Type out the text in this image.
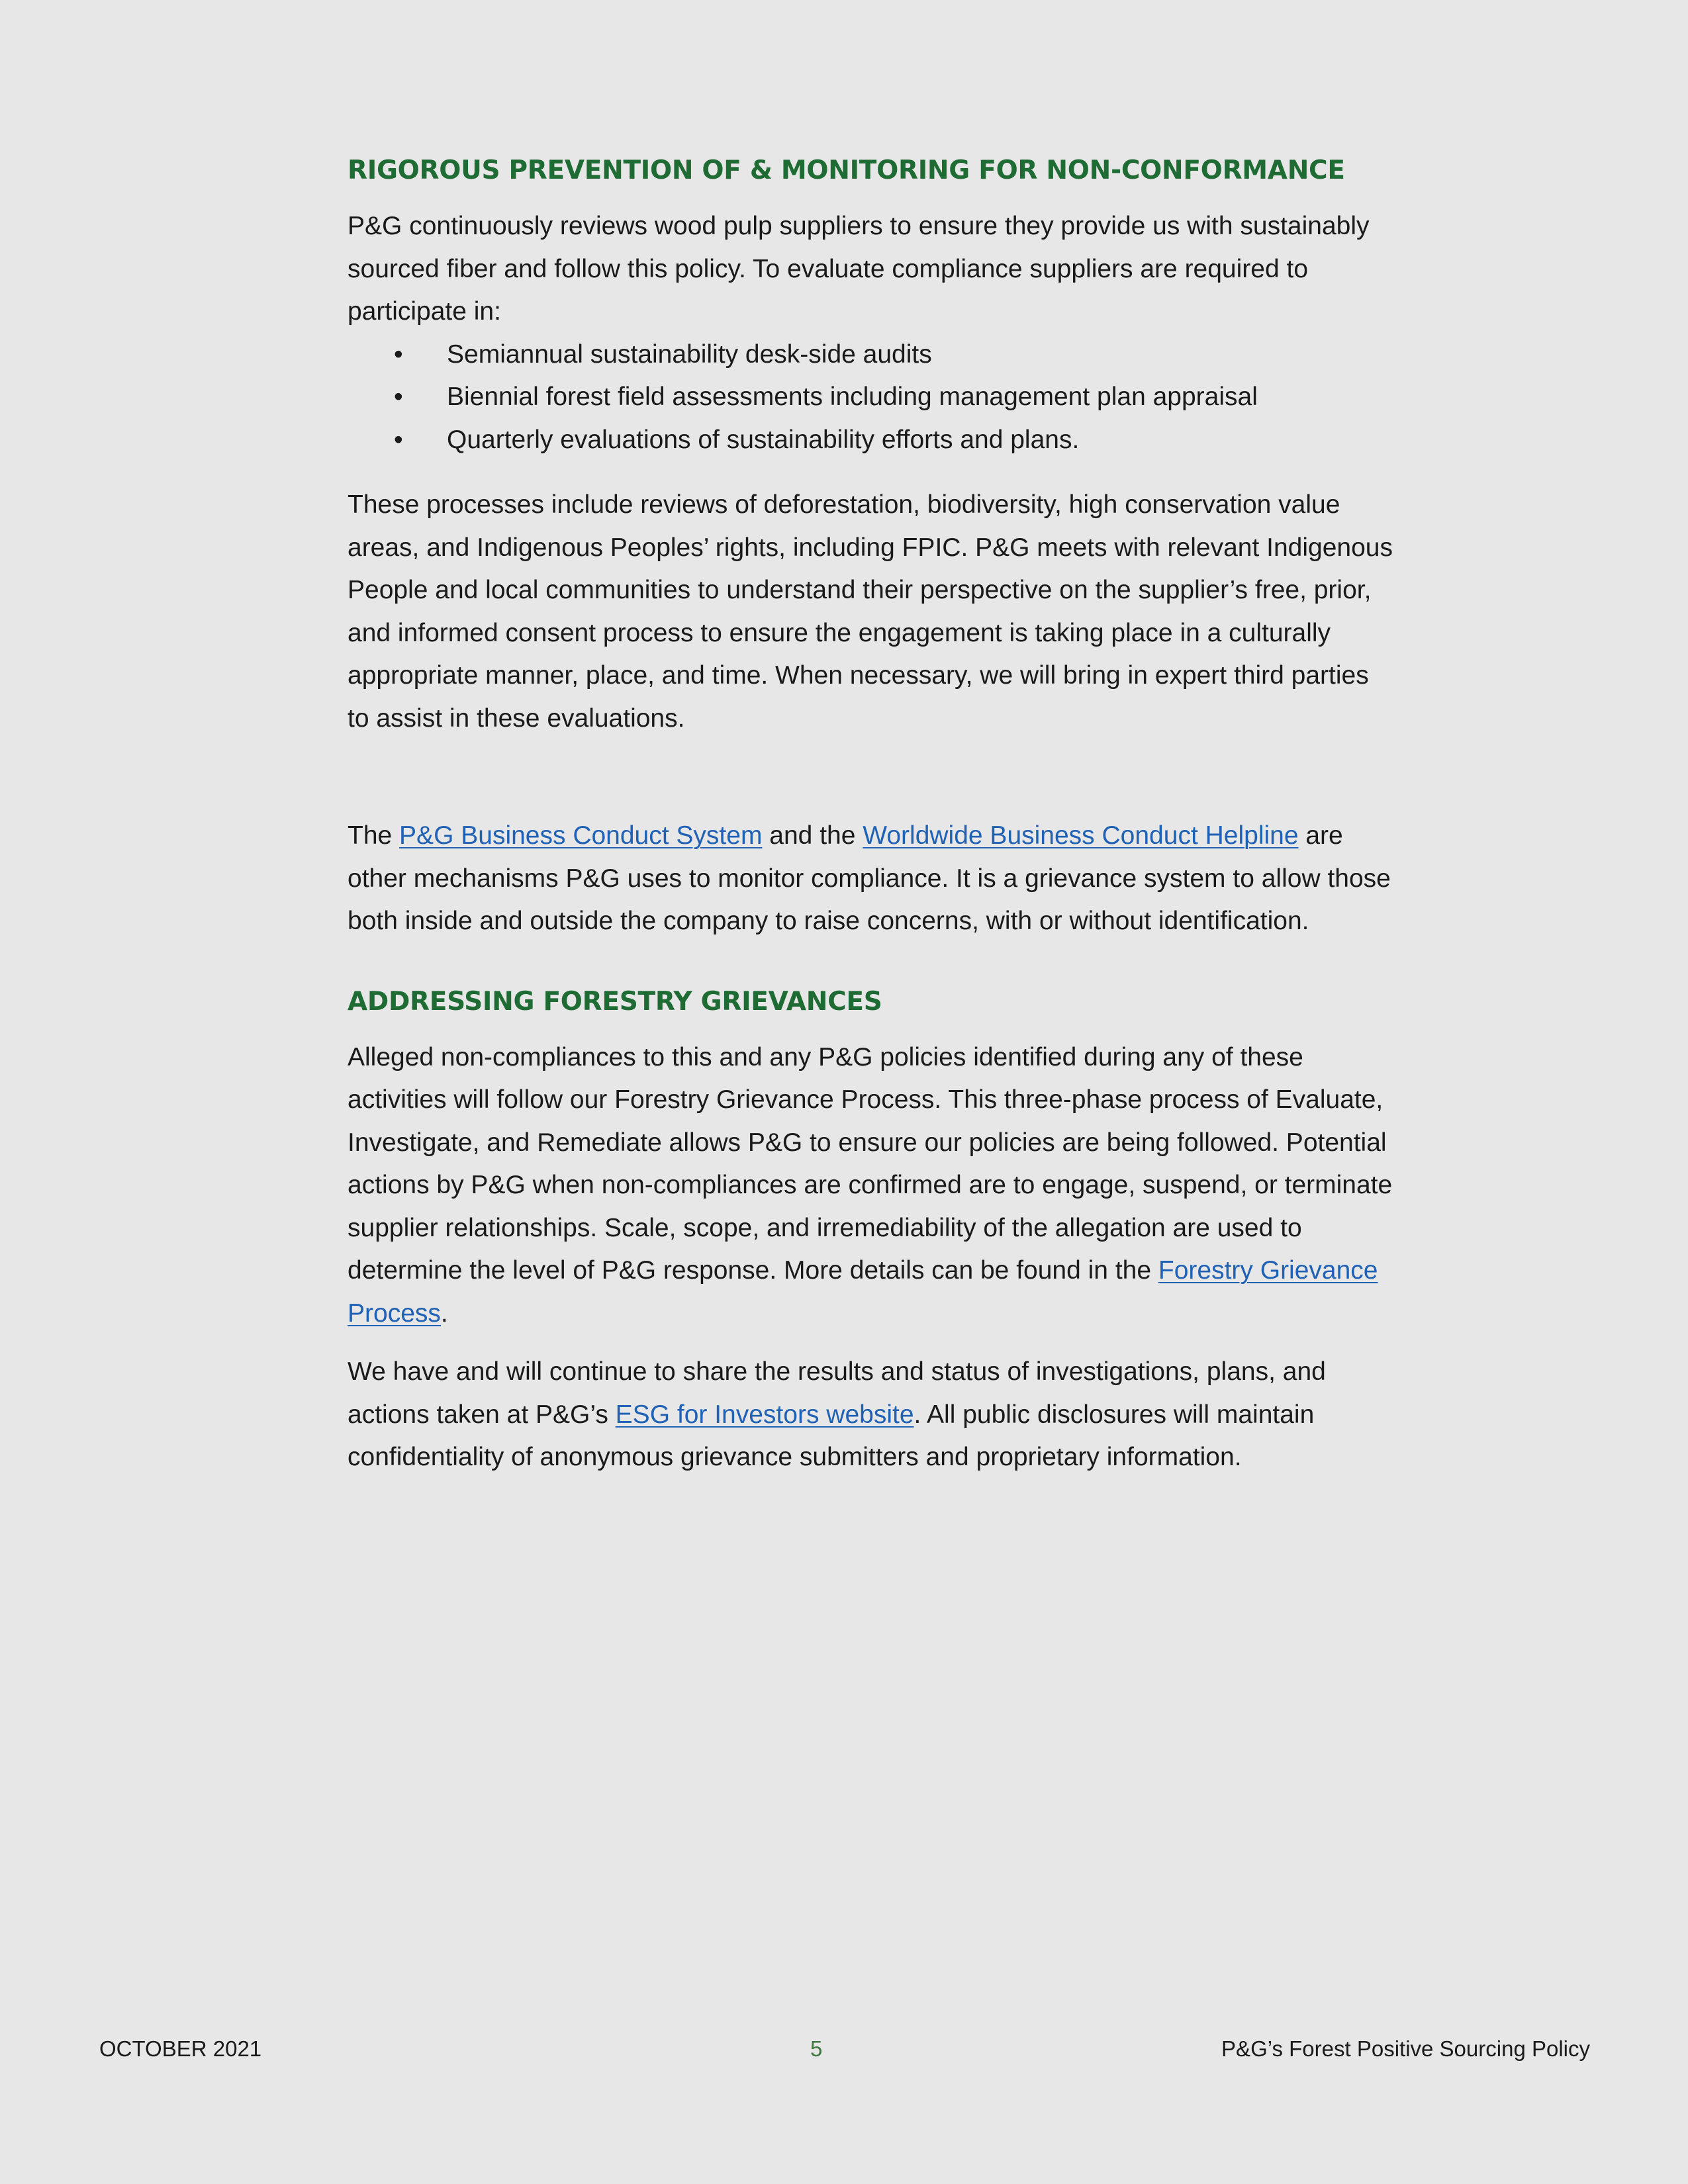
RIGOROUS PREVENTION OF & MONITORING FOR NON-CONFORMANCE

P&G continuously reviews wood pulp suppliers to ensure they provide us with sustainably

sourced fiber and follow this policy. To evaluate compliance suppliers are required to

participate in:

• Semiannual sustainability desk-side audits
• Biennial forest field assessments including management plan appraisal
• Quarterly evaluations of sustainability efforts and plans.

These processes include reviews of deforestation, biodiversity, high conservation value

areas, and Indigenous Peoples’ rights, including FPIC. P&G meets with relevant Indigenous

People and local communities to understand their perspective on the supplier’s free, prior,

and informed consent process to ensure the engagement is taking place in a culturally

appropriate manner, place, and time. When necessary, we will bring in expert third parties

to assist in these evaluations.

The P&G Business Conduct System and the Worldwide Business Conduct Helpline are

other mechanisms P&G uses to monitor compliance. It is a grievance system to allow those

both inside and outside the company to raise concerns, with or without identification.

ADDRESSING FORESTRY GRIEVANCES

Alleged non-compliances to this and any P&G policies identified during any of these

activities will follow our Forestry Grievance Process. This three-phase process of Evaluate,

Investigate, and Remediate allows P&G to ensure our policies are being followed. Potential

actions by P&G when non-compliances are confirmed are to engage, suspend, or terminate

supplier relationships. Scale, scope, and irremediability of the allegation are used to

determine the level of P&G response. More details can be found in the Forestry Grievance

Process.

We have and will continue to share the results and status of investigations, plans, and

actions taken at P&G’s ESG for Investors website. All public disclosures will maintain

confidentiality of anonymous grievance submitters and proprietary information.

OCTOBER 2021	5	P&G’s Forest Positive Sourcing Policy
